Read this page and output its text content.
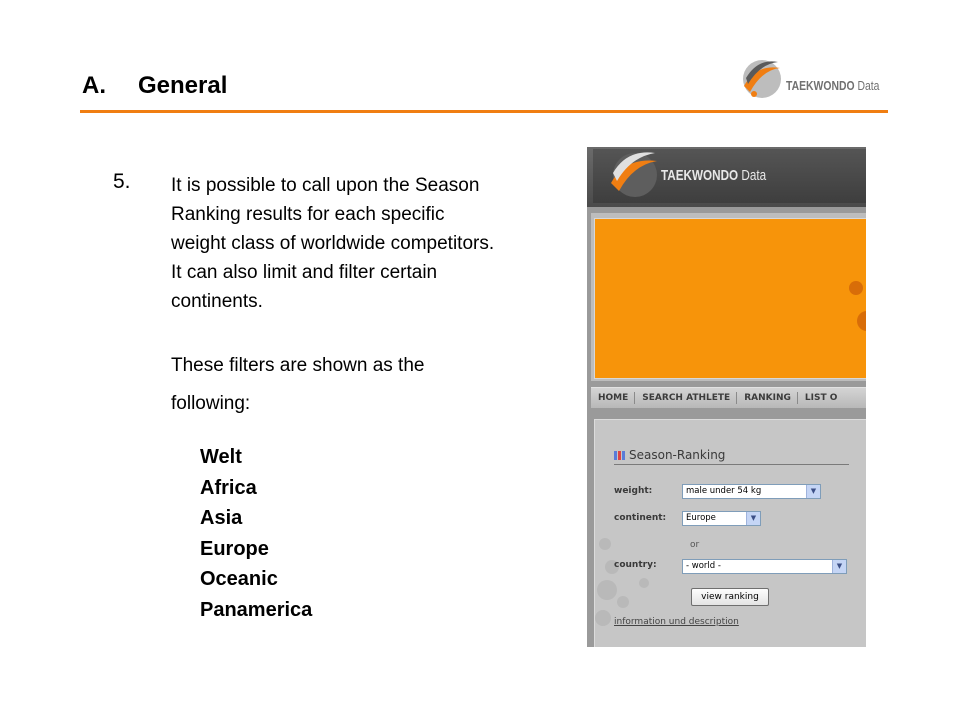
A. General	TAEKWONDO Data
5. It is possible to call upon the Season Ranking results for each specific weight class of worldwide competitors. It can also limit and filter certain continents.
These filters are shown as the following:
Welt
Africa
Asia
Europe
Oceanic
Panamerica
TAEKWONDO Data
HOME	SEARCH ATHLETE	RANKING	LIST O
Season-Ranking
weight:	male under 54 kg	▼
continent:	Europe	▼
or
country:	- world -	▼
view ranking
information und description
